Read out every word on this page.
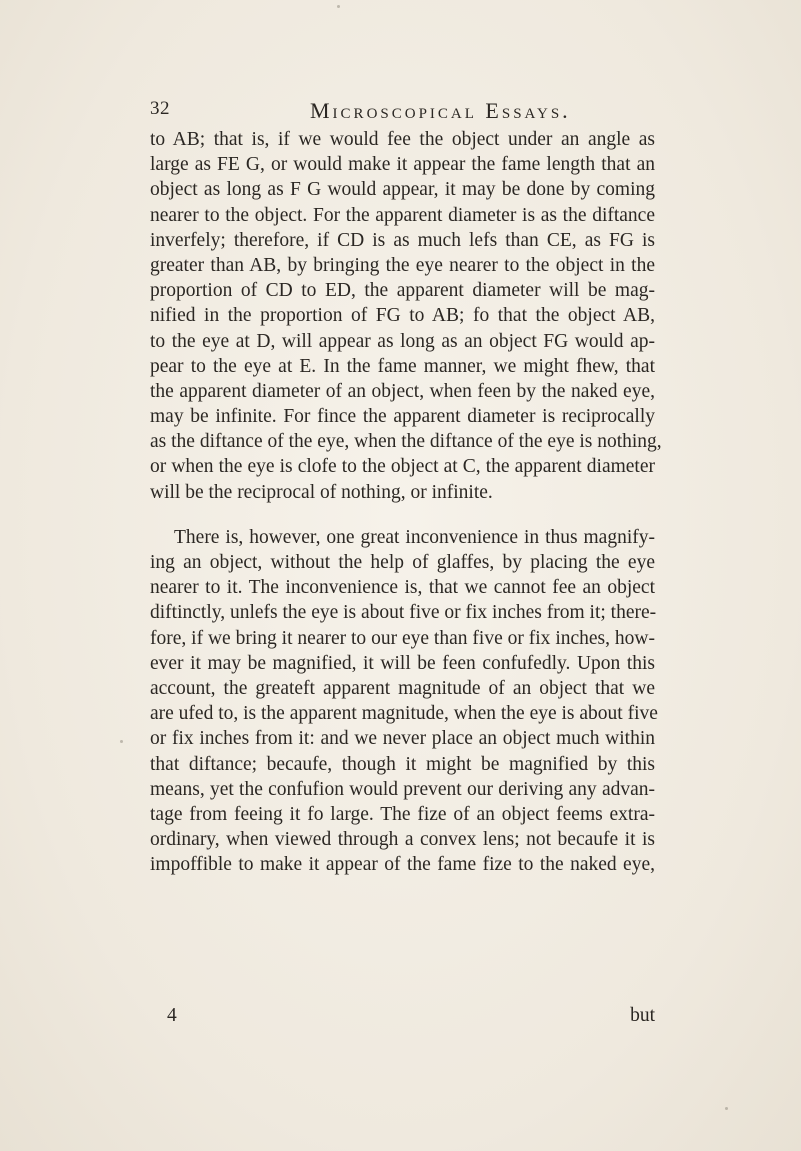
32	Microscopical Essays.
to AB; that is, if we would fee the object under an angle as
large as FE G, or would make it appear the fame length that an
object as long as F G would appear, it may be done by coming
nearer to the object. For the apparent diameter is as the diftance
inverfely; therefore, if CD is as much lefs than CE, as FG is
greater than AB, by bringing the eye nearer to the object in the
proportion of CD to ED, the apparent diameter will be mag-
nified in the proportion of FG to AB; fo that the object AB,
to the eye at D, will appear as long as an object FG would ap-
pear to the eye at E. In the fame manner, we might fhew, that
the apparent diameter of an object, when feen by the naked eye,
may be infinite. For fince the apparent diameter is reciprocally
as the diftance of the eye, when the diftance of the eye is nothing,
or when the eye is clofe to the object at C, the apparent diameter
will be the reciprocal of nothing, or infinite.
There is, however, one great inconvenience in thus magnify-
ing an object, without the help of glaffes, by placing the eye
nearer to it. The inconvenience is, that we cannot fee an object
diftinctly, unlefs the eye is about five or fix inches from it; there-
fore, if we bring it nearer to our eye than five or fix inches, how-
ever it may be magnified, it will be feen confufedly. Upon this
account, the greateft apparent magnitude of an object that we
are ufed to, is the apparent magnitude, when the eye is about five
or fix inches from it: and we never place an object much within
that diftance; becaufe, though it might be magnified by this
means, yet the confufion would prevent our deriving any advan-
tage from feeing it fo large. The fize of an object feems extra-
ordinary, when viewed through a convex lens; not becaufe it is
impoffible to make it appear of the fame fize to the naked eye,
4	but
